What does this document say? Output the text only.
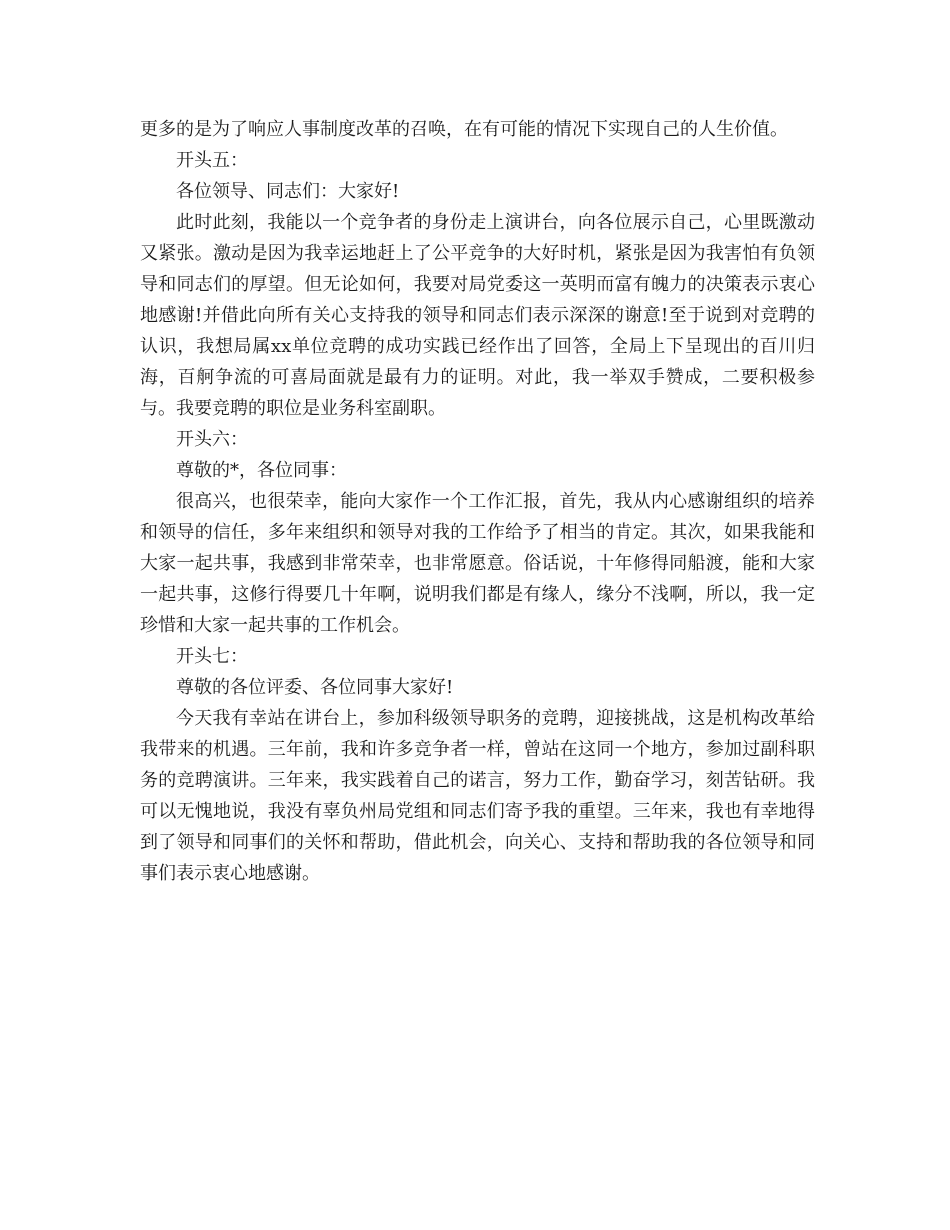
更多的是为了响应人事制度改革的召唤，在有可能的情况下实现自己的人生价值。

开头五：

各位领导、同志们：大家好!

此时此刻，我能以一个竞争者的身份走上演讲台，向各位展示自己，心里既激动又紧张。激动是因为我幸运地赶上了公平竞争的大好时机，紧张是因为我害怕有负领导和同志们的厚望。但无论如何，我要对局党委这一英明而富有魄力的决策表示衷心地感谢!并借此向所有关心支持我的领导和同志们表示深深的谢意!至于说到对竞聘的认识，我想局属xx单位竞聘的成功实践已经作出了回答，全局上下呈现出的百川归海，百舸争流的可喜局面就是最有力的证明。对此，我一举双手赞成，二要积极参与。我要竞聘的职位是业务科室副职。

开头六：

尊敬的*，各位同事：

很高兴，也很荣幸，能向大家作一个工作汇报，首先，我从内心感谢组织的培养和领导的信任，多年来组织和领导对我的工作给予了相当的肯定。其次，如果我能和大家一起共事，我感到非常荣幸，也非常愿意。俗话说，十年修得同船渡，能和大家一起共事，这修行得要几十年啊，说明我们都是有缘人，缘分不浅啊，所以，我一定珍惜和大家一起共事的工作机会。

开头七：

尊敬的各位评委、各位同事大家好!

今天我有幸站在讲台上，参加科级领导职务的竞聘，迎接挑战，这是机构改革给我带来的机遇。三年前，我和许多竞争者一样，曾站在这同一个地方，参加过副科职务的竞聘演讲。三年来，我实践着自己的诺言，努力工作，勤奋学习，刻苦钻研。我可以无愧地说，我没有辜负州局党组和同志们寄予我的重望。三年来，我也有幸地得到了领导和同事们的关怀和帮助，借此机会，向关心、支持和帮助我的各位领导和同事们表示衷心地感谢。
